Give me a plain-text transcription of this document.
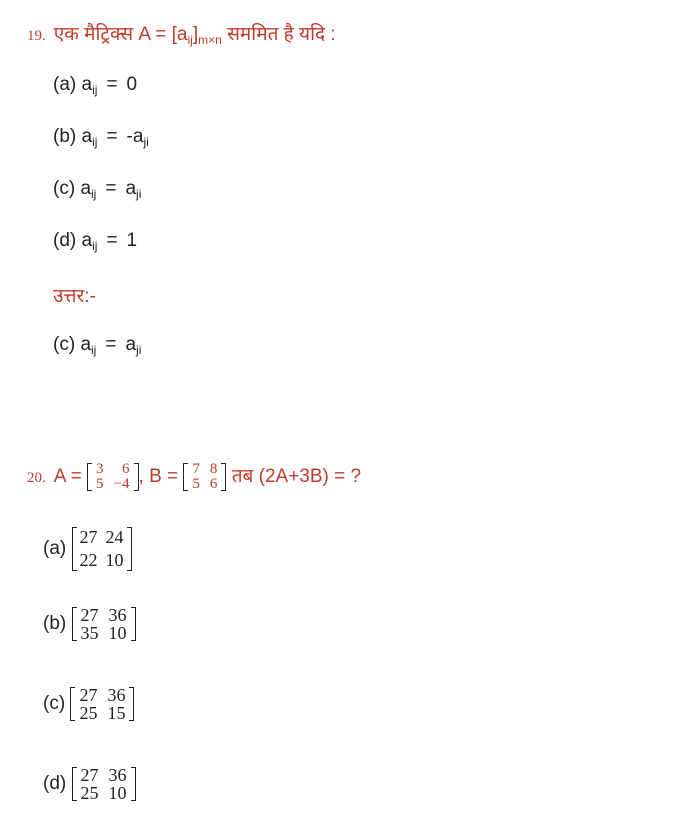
19. एक मैट्रिक्स $A = [a_{ij}]_{m\times n}$ सममित है यदि :
(a) $a_{ij} = 0$
(b) $a_{ij} = -a_{ji}$
(c) $a_{ij} = a_{ji}$
(d) $a_{ij} = 1$
उत्तर:-
(c) $a_{ij} = a_{ji}$
20. A = 3	6
5	−4 , B = 7	8
5	6 तब (2A+3B) = ?
(a)
27	24
22	10
(b) 27	36
35	10
(c) 27	36
25	15
(d) 27	36
25	10
